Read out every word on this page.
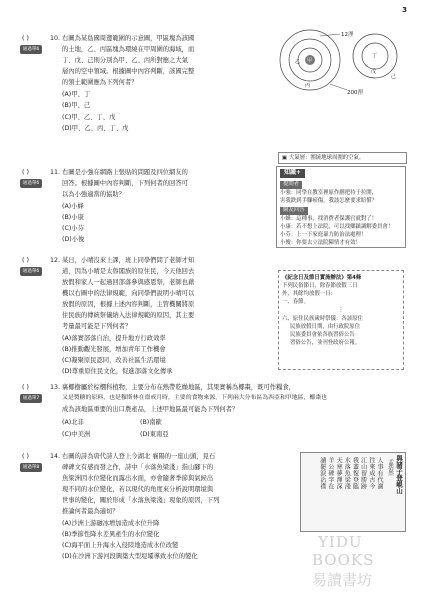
3
( )	10.
通過單6
右圖為某島國周邊範圍的示意圖，甲區塊為該國
的土地，乙、丙區塊為環繞在甲周圍的海域，而
丁、戊、己則分別為甲、乙、丙所對應之大氣
層內的空中領域。根據圖中內容判斷，該國完整
的領土範圍應為下列何者？
(A)甲、丁
(B)甲、己
(C)甲、乙、丁、戊
(D)甲、乙、丙、丁、戊
12浬
200浬
甲
乙
丙
丁
戊
己
▣ 大氣層：圍繞地球周圍的空氣。
( )	11.
通過單6
右圖是小強在網路上張貼的問題及四位網友的
回答。根據圖中內容判斷，下列何者的回答可
以為小強適當的協助？
(A)小蜂
(B)小康
(C)小芬
(D)小俊
知識+
提問者
小強：同學在教室裡原作劃把持于拉開，
害我跌到手腳瘀傷，我該怎麼要求賠償？
網友回答
小蜂：這種事，找消費者保護官就對了！
小康：若不想上法院，可以找鄉鎮調解委員會！
小芬：上一下家庭暴力防治法處理！
小俊：你要去立法院陳情才有效！
( )	12.
通過單6
某日，小晴沒來上課，班上同學們問了老師才知
道，因為小晴是太魯閣族的原住民，今天他回去
放假和家人一起過回部落參與感恩祭，老師也藉
機以右圖中的法律規範，向同學們說明小晴可以
放假的原因，根據上述內容判斷，主管機關將原
住民族的傳統祭儀納入法律規範的原因，其主要
考量最可能是下列何者？
(A)落實部落自治，提升地方行政效率
(B)推動觀光發展，增加青年工作機會
(C)凝聚原民認同，改善社區生活環境
(D)尊重原住民文化，促進部落文化傳承
《紀念日及節日實施辦法》第4條
下列民俗節日，除春節放假三日
外，其餘均放假一日：
一、春節。
⋮
六、原住民族歲時祭儀：各該原住
民族放假日期，由行政院原住
民族委員會依各族習俗公告
習俗公告，並刊登政府公報。
( )	13.
通過單7
裏椰樹屬於棕櫚科植物，主要分布在熱帶乾燥地區，其果實稱為椰棗，既可作糧食，
又是製糖的原料，也是穆斯林在齋戒月時，主要的食物來源，下列兩大分布區為西亞和甲地區，椰棗也
成為該地區重要的出口農產品，上述甲地區最可能為下列何者？
(A)北非	(B)南歐
(C)中美洲	(D)東南亞
( )	14.
通過單8
右圖的詩為唐代詩人登上今湖北 襄陽的一座山頭，見石
碑碑文有感而發之作，詩中「水落魚梁淺」指山腳下的
魚梁洲因水位變化而露出水面，亦會隨著季節與氣候出
現不同的水位變化，若以現代的角度來分析說明環境與
世事的變化，關於形成「水落魚梁淺」現象的原因，下列
推論何者最為適切？
(A)沙洲上游融冰增加造成水位升降
(B)季節性降水差異產生的水位變化
(C)海平面上升海水入侵陸地造成水位改變
(D)在沙洲下游河段興築大型堤壩導致水位的變化
與諸子登峴山
孟浩然
人事有代謝
往來成古今
江山留勝跡
我輩復登臨
水落魚梁淺
天寒夢澤深
羊公碑字在
讀罷淚沾襟
YIDU
BOOKS
易讀書坊
